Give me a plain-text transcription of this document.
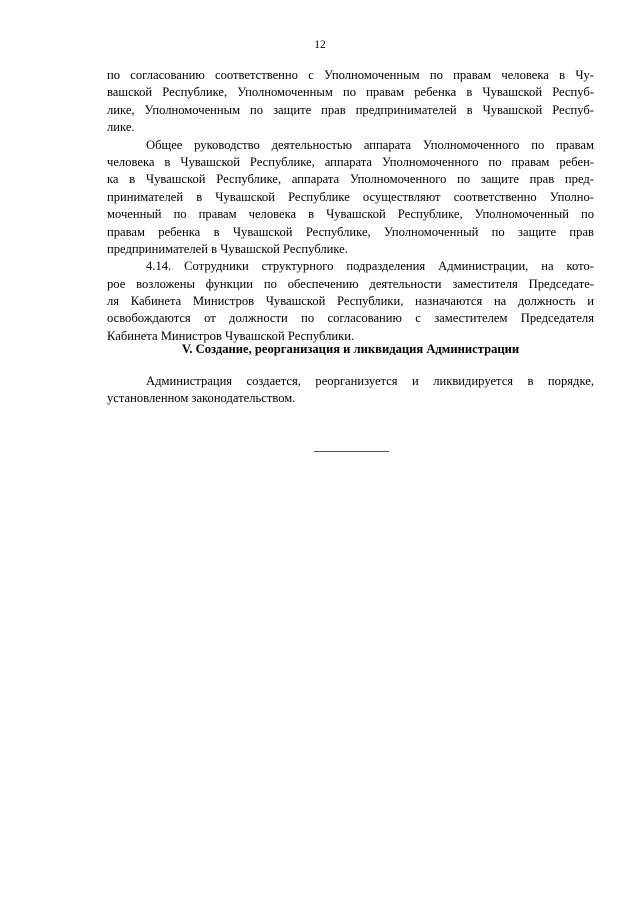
12
по согласованию соответственно с Уполномоченным по правам человека в Чу-
вашской Республике, Уполномоченным по правам ребенка в Чувашской Респуб-
лике, Уполномоченным по защите прав предпринимателей в Чувашской Респуб-
лике.
Общее руководство деятельностью аппарата Уполномоченного по правам
человека в Чувашской Республике, аппарата Уполномоченного по правам ребен-
ка в Чувашской Республике, аппарата Уполномоченного по защите прав пред-
принимателей в Чувашской Республике осуществляют соответственно Уполно-
моченный по правам человека в Чувашской Республике, Уполномоченный по
правам ребенка в Чувашской Республике, Уполномоченный по защите прав
предпринимателей в Чувашской Республике.
4.14. Сотрудники структурного подразделения Администрации, на кото-
рое возложены функции по обеспечению деятельности заместителя Председате-
ля Кабинета Министров Чувашской Республики, назначаются на должность и
освобождаются от должности по согласованию с заместителем Председателя
Кабинета Министров Чувашской Республики.
V. Создание, реорганизация и ликвидация Администрации
Администрация создается, реорганизуется и ликвидируется в порядке,
установленном законодательством.
